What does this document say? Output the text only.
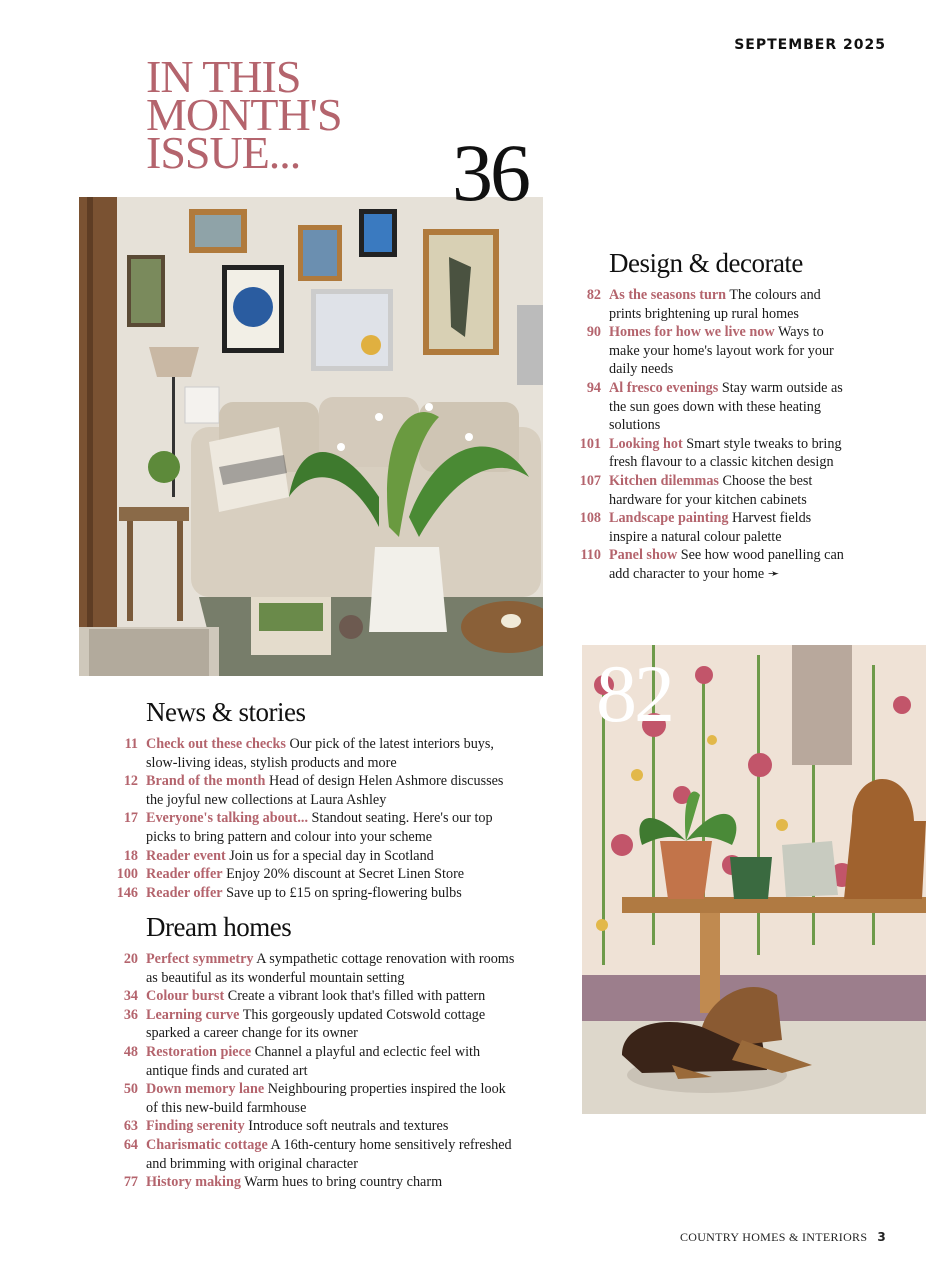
SEPTEMBER 2025
IN THIS
MONTH'S
ISSUE...	36
Design & decorate
82 As the seasons turn The colours and prints brightening up rural homes
90 Homes for how we live now Ways to make your home's layout work for your daily needs
94 Al fresco evenings Stay warm outside as the sun goes down with these heating solutions
101 Looking hot Smart style tweaks to bring fresh flavour to a classic kitchen design
107 Kitchen dilemmas Choose the best hardware for your kitchen cabinets
108 Landscape painting Harvest fields inspire a natural colour palette
110 Panel show See how wood panelling can add character to your home ➛
82
News & stories
11 Check out these checks Our pick of the latest interiors buys, slow-living ideas, stylish products and more
12 Brand of the month Head of design Helen Ashmore discusses the joyful new collections at Laura Ashley
17 Everyone's talking about... Standout seating. Here's our top picks to bring pattern and colour into your scheme
18 Reader event Join us for a special day in Scotland
100 Reader offer Enjoy 20% discount at Secret Linen Store
146 Reader offer Save up to £15 on spring-flowering bulbs
Dream homes
20 Perfect symmetry A sympathetic cottage renovation with rooms as beautiful as its wonderful mountain setting
34 Colour burst Create a vibrant look that's filled with pattern
36 Learning curve This gorgeously updated Cotswold cottage sparked a career change for its owner
48 Restoration piece Channel a playful and eclectic feel with antique finds and curated art
50 Down memory lane Neighbouring properties inspired the look of this new-build farmhouse
63 Finding serenity Introduce soft neutrals and textures
64 Charismatic cottage A 16th-century home sensitively refreshed and brimming with original character
77 History making Warm hues to bring country charm
COUNTRY HOMES & INTERIORS 3
